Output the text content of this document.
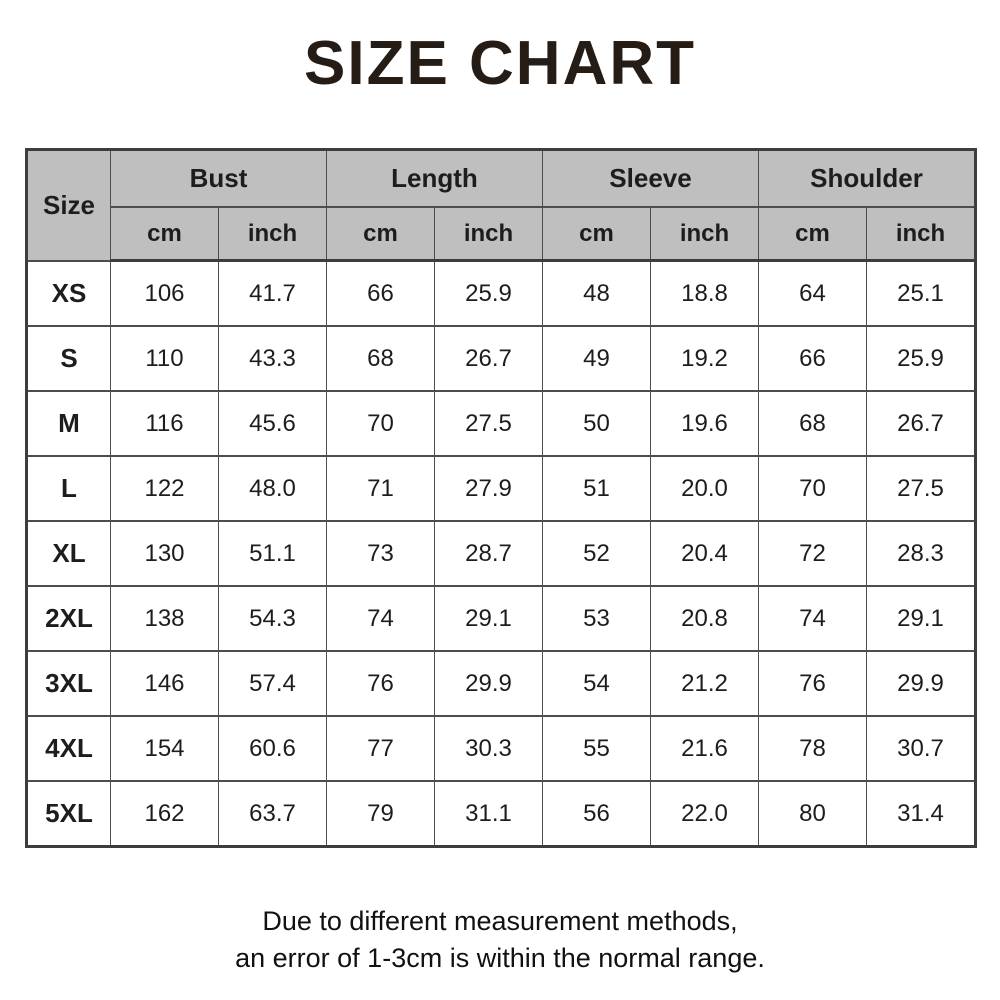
SIZE CHART
Size	Bust		Length		Sleeve		Shoulder	
	cm	inch	cm	inch	cm	inch	cm	inch
XS	106	41.7	66	25.9	48	18.8	64	25.1
S	110	43.3	68	26.7	49	19.2	66	25.9
M	116	45.6	70	27.5	50	19.6	68	26.7
L	122	48.0	71	27.9	51	20.0	70	27.5
XL	130	51.1	73	28.7	52	20.4	72	28.3
2XL	138	54.3	74	29.1	53	20.8	74	29.1
3XL	146	57.4	76	29.9	54	21.2	76	29.9
4XL	154	60.6	77	30.3	55	21.6	78	30.7
5XL	162	63.7	79	31.1	56	22.0	80	31.4
Due to different measurement methods,
an error of 1-3cm is within the normal range.
